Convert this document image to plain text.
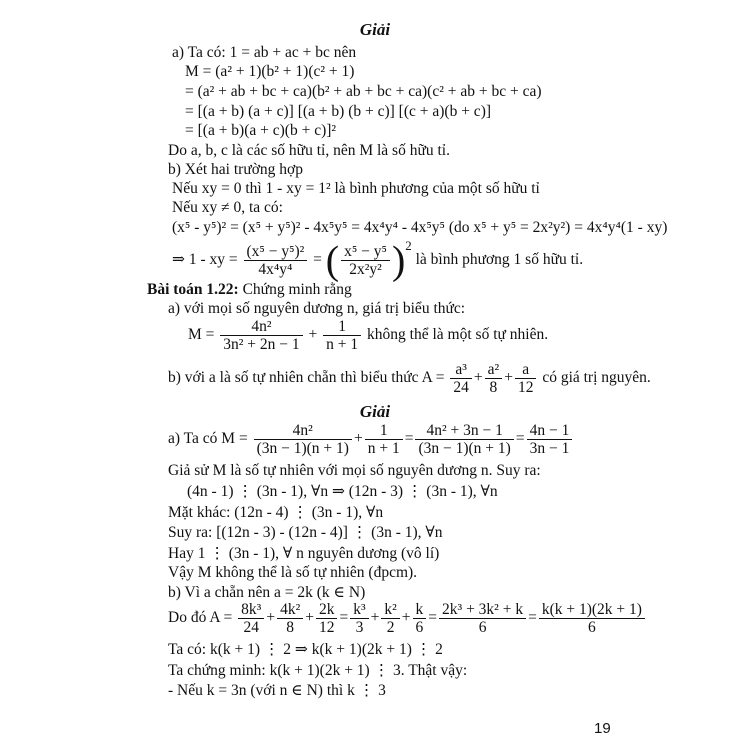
Giải
a) Ta có: 1 = ab + ac + bc nên
M = (a² + 1)(b² + 1)(c² + 1)
= (a² + ab + bc + ca)(b² + ab + bc + ca)(c² + ab + bc + ca)
= [(a + b) (a + c)] [(a + b) (b + c)] [(c + a)(b + c)]
= [(a + b)(a + c)(b + c)]²
Do a, b, c là các số hữu tỉ, nên M là số hữu tỉ.
b) Xét hai trường hợp
Nếu xy = 0 thì 1 - xy = 1² là bình phương của một số hữu tỉ
Nếu xy ≠ 0, ta có:
(x⁵ - y⁵)² = (x⁵ + y⁵)² - 4x⁵y⁵ = 4x⁴y⁴ - 4x⁵y⁵ (do x⁵ + y⁵ = 2x²y²) = 4x⁴y⁴(1 - xy)
⇒ 1 - xy = $\frac{\text{(x⁵ − y⁵)²}}{\text{4x⁴y⁴}}$ = ( $\frac{\text{x⁵ − y⁵}}{\text{2x²y²}} )^2$ là bình phương 1 số hữu tỉ.
Bài toán 1.22: Chứng minh rằng
a) với mọi số nguyên dương n, giá trị biểu thức:
$M = \frac{\text{4n²}}{\text{3n² + 2n − 1}} + \frac{1}{n + 1}$ không thể là một số tự nhiên.
b) với a là số tự nhiên chẵn thì biểu thức $A = \frac{\text{a³}}{24} + \frac{\text{a²}}{8} + \frac{a}{12}$ có giá trị nguyên.
Giải
a) Ta có $M = \frac{\text{4n²}}{(3n - 1)(n + 1)} + \frac{1}{n + 1} = \frac{\text{4n² + 3n − 1}}{(3n - 1)(n + 1)} = \frac{4n - 1}{3n - 1}$
Giả sử M là số tự nhiên với mọi số nguyên dương n. Suy ra:
(4n - 1) ⋮ (3n - 1), ∀n ⇒ (12n - 3) ⋮ (3n - 1), ∀n
Mặt khác: (12n - 4) ⋮ (3n - 1), ∀n
Suy ra: [(12n - 3) - (12n - 4)] ⋮ (3n - 1), ∀n
Hay 1 ⋮ (3n - 1), ∀ n nguyên dương (vô lí)
Vậy M không thể là số tự nhiên (đpcm).
b) Vì a chẵn nên a = 2k (k ∈ N)
Do đó $A = \frac{\text{8k³}}{24} + \frac{\text{4k²}}{8} + \frac{2k}{12} = \frac{\text{k³}}{3} + \frac{\text{k²}}{2} + \frac{k}{6} = \frac{\text{2k³ + 3k² + k}}{6} = \frac{k(k + 1)(2k + 1)}{6}$
Ta có: k(k + 1) ⋮ 2 ⇒ k(k + 1)(2k + 1) ⋮ 2
Ta chứng minh: k(k + 1)(2k + 1) ⋮ 3. Thật vậy:
- Nếu k = 3n (với n ∈ N) thì k ⋮ 3
19
